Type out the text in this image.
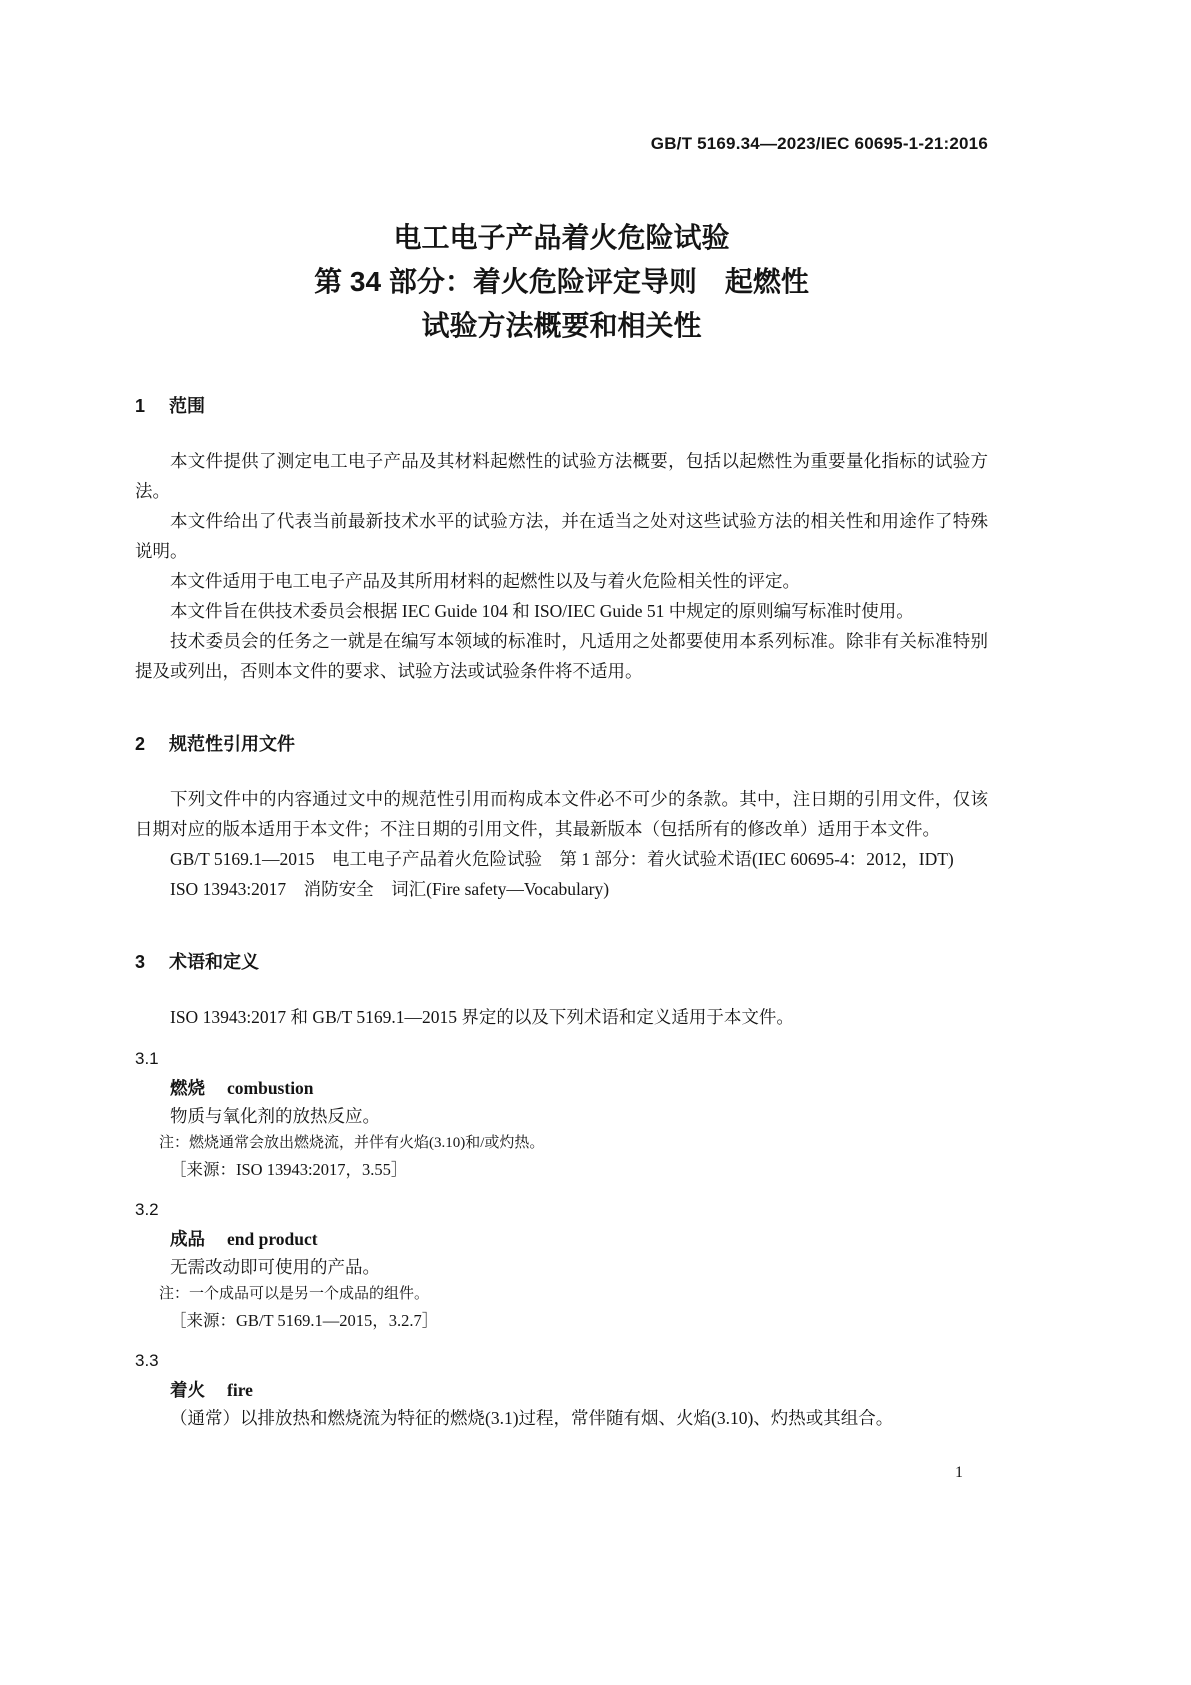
GB/T 5169.34—2023/IEC 60695-1-21:2016
电工电子产品着火危险试验
第 34 部分：着火危险评定导则　起燃性
试验方法概要和相关性
1 范围

本文件提供了测定电工电子产品及其材料起燃性的试验方法概要，包括以起燃性为重要量化指标的试验方法。

本文件给出了代表当前最新技术水平的试验方法，并在适当之处对这些试验方法的相关性和用途作了特殊说明。

本文件适用于电工电子产品及其所用材料的起燃性以及与着火危险相关性的评定。

本文件旨在供技术委员会根据 IEC Guide 104 和 ISO/IEC Guide 51 中规定的原则编写标准时使用。

技术委员会的任务之一就是在编写本领域的标准时，凡适用之处都要使用本系列标准。除非有关标准特别提及或列出，否则本文件的要求、试验方法或试验条件将不适用。

2 规范性引用文件

下列文件中的内容通过文中的规范性引用而构成本文件必不可少的条款。其中，注日期的引用文件，仅该日期对应的版本适用于本文件；不注日期的引用文件，其最新版本（包括所有的修改单）适用于本文件。

GB/T 5169.1—2015　电工电子产品着火危险试验　第 1 部分：着火试验术语(IEC 60695-4：2012，IDT)

ISO 13943:2017　消防安全　词汇(Fire safety—Vocabulary)

3 术语和定义

ISO 13943:2017 和 GB/T 5169.1—2015 界定的以及下列术语和定义适用于本文件。

3.1
燃烧 combustion
物质与氧化剂的放热反应。
注：燃烧通常会放出燃烧流，并伴有火焰(3.10)和/或灼热。
［来源：ISO 13943:2017，3.55］
3.2
成品 end product
无需改动即可使用的产品。
注：一个成品可以是另一个成品的组件。
［来源：GB/T 5169.1—2015，3.2.7］
3.3
着火 fire
（通常）以排放热和燃烧流为特征的燃烧(3.1)过程，常伴随有烟、火焰(3.10)、灼热或其组合。
1
